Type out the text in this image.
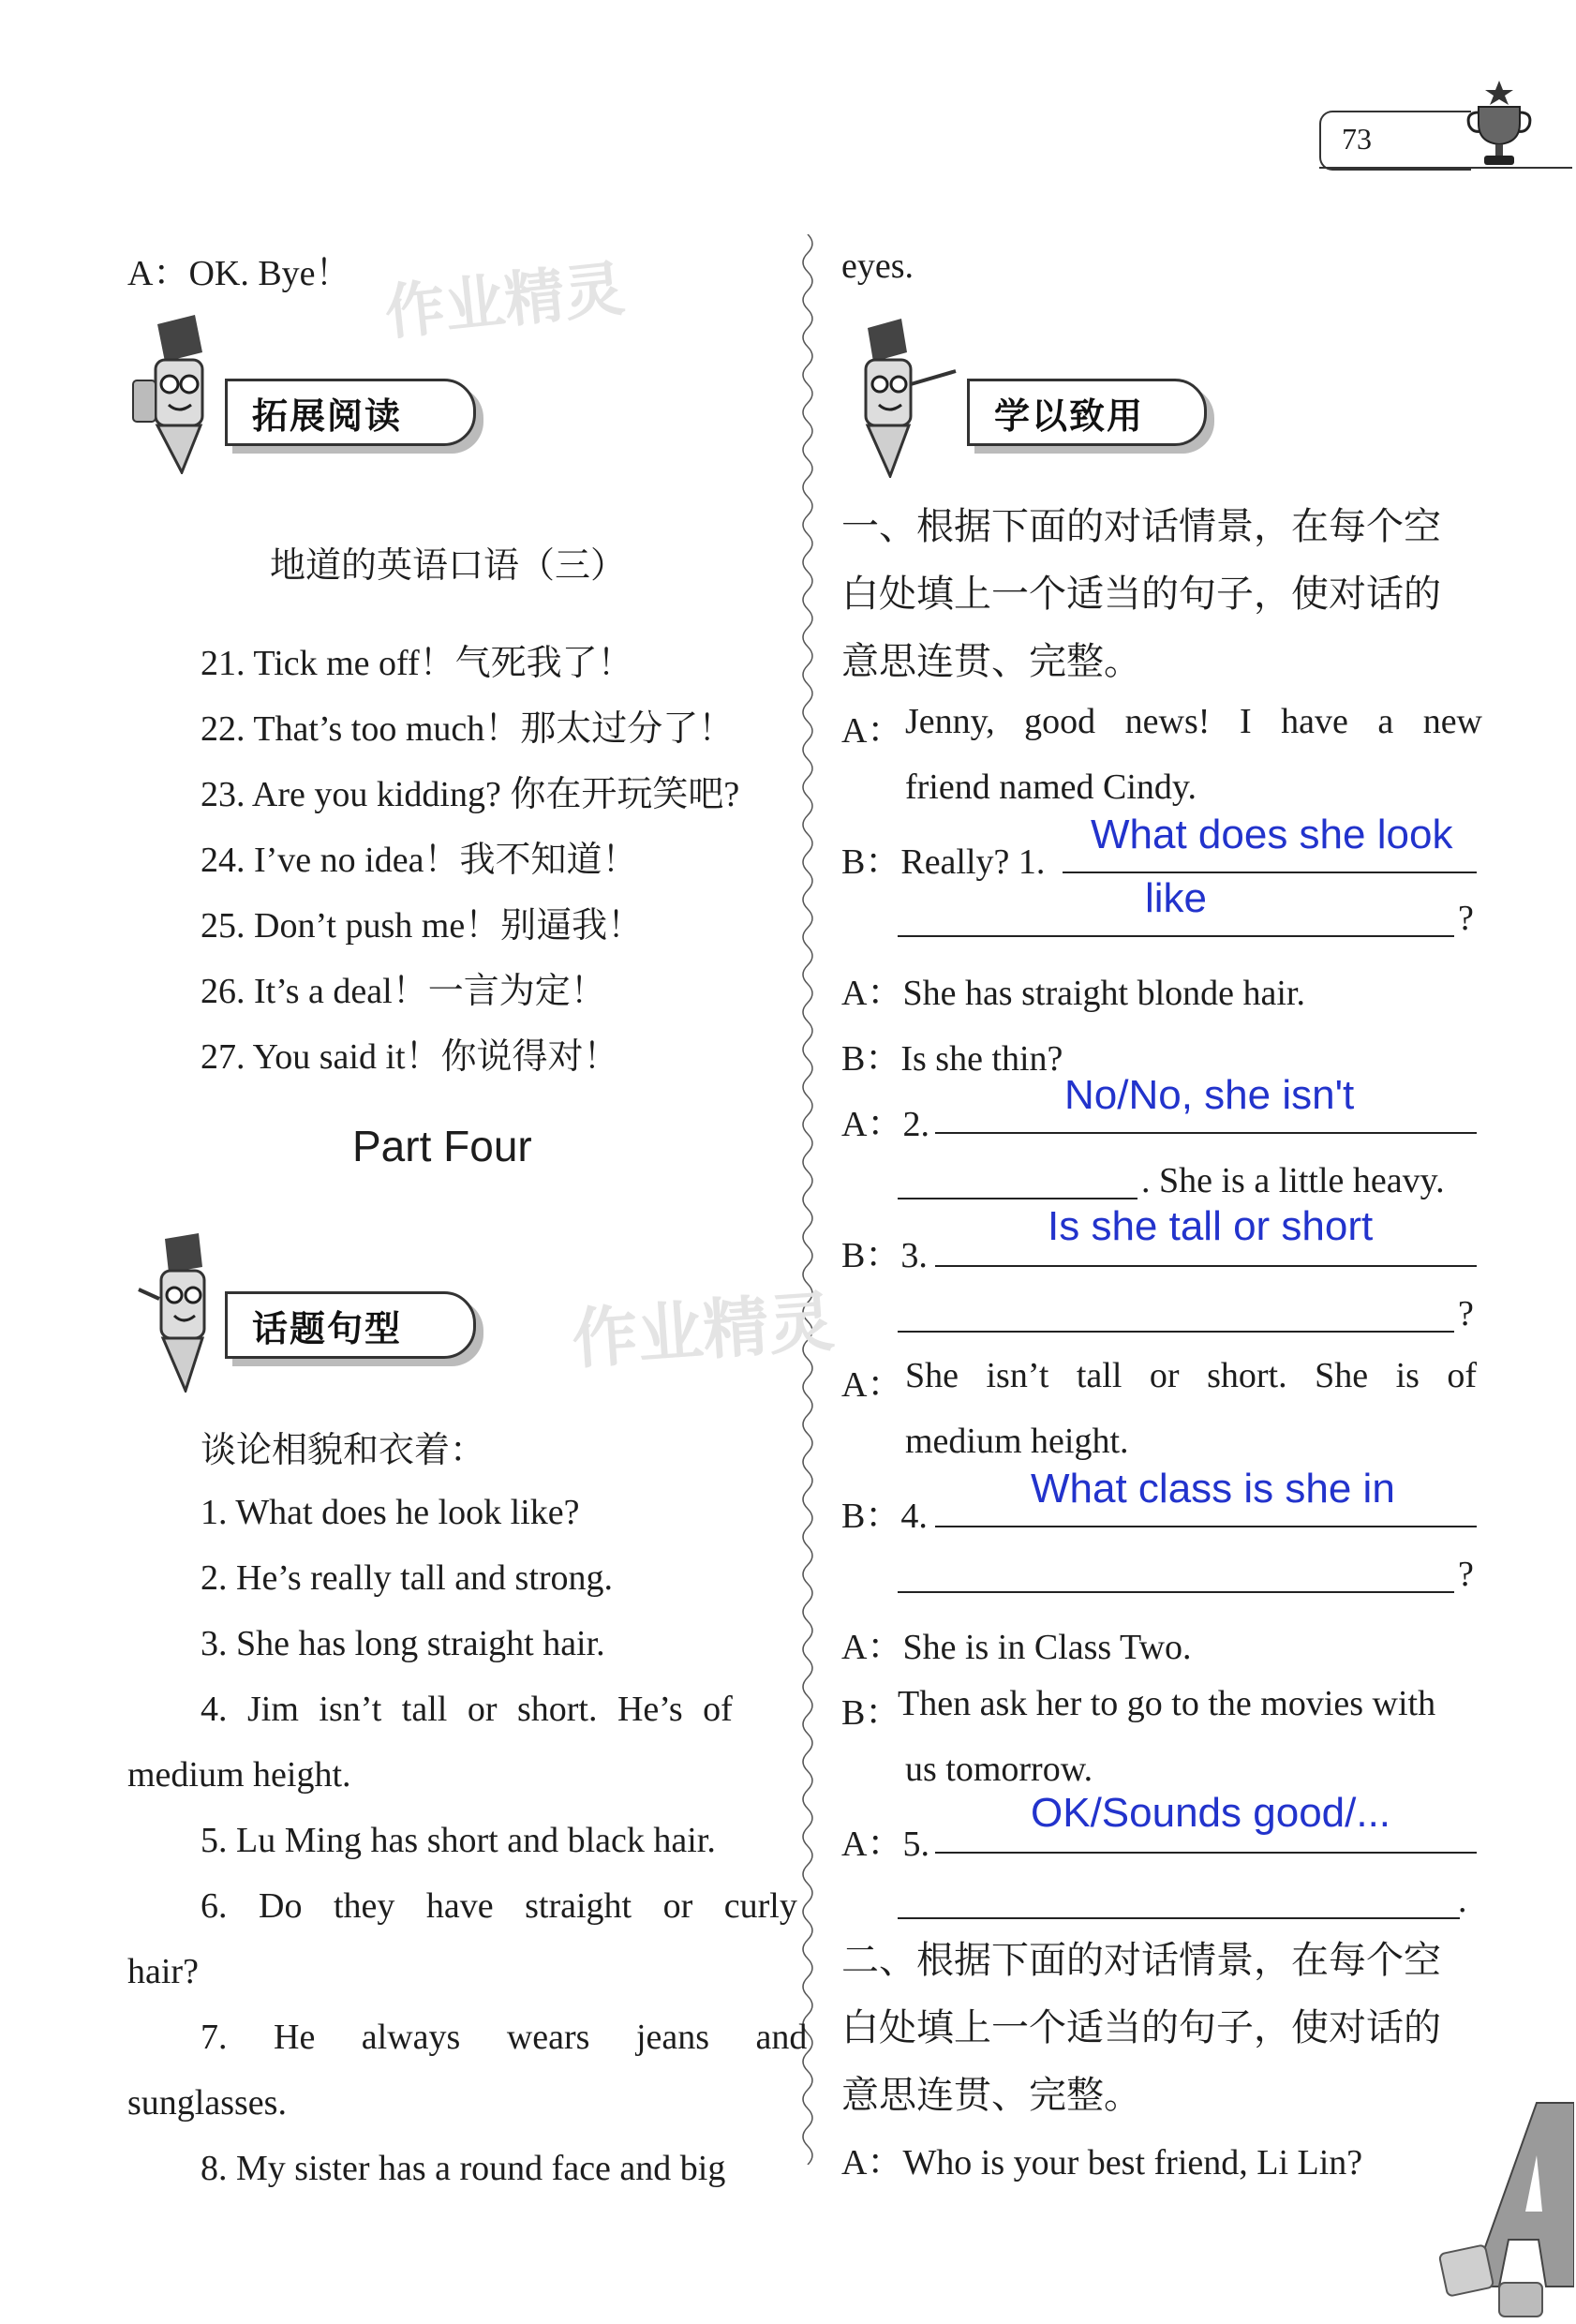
73
A：OK. Bye！ 作业精灵
拓展阅读
地道的英语口语（三）
21. Tick me off！气死我了！
22. That’s too much！那太过分了！
23. Are you kidding? 你在开玩笑吧?
24. I’ve no idea！我不知道！
25. Don’t push me！别逼我！
26. It’s a deal！一言为定！
27. You said it！你说得对！
Part Four
话题句型	作业精灵
谈论相貌和衣着：
1. What does he look like?
2. He’s really tall and strong.
3. She has long straight hair.
4. Jim isn’t tall or short. He’s of
medium height.
5. Lu Ming has short and black hair.
6. Do they have straight or curly
hair?
7. He always wears jeans and
sunglasses.
8. My sister has a round face and big
eyes.
学以致用
一、根据下面的对话情景，在每个空
白处填上一个适当的句子，使对话的
意思连贯、完整。
A： Jenny, good news! I have a new
friend named Cindy.
B：Really? 1.
What does she look
like	?
A：She has straight blonde hair.
B：Is she thin?
A：2.
No/No, she isn't
. She is a little heavy.
B：3.
Is she tall or short
?
A： She isn’t tall or short. She is of
medium height.
B：4.
What class is she in
?
A：She is in Class Two.
B：
Then ask her to go to the movies with
us tomorrow.
A：5.
OK/Sounds good/...
.
二、根据下面的对话情景，在每个空
白处填上一个适当的句子，使对话的
意思连贯、完整。
A：Who is your best friend, Li Lin?
